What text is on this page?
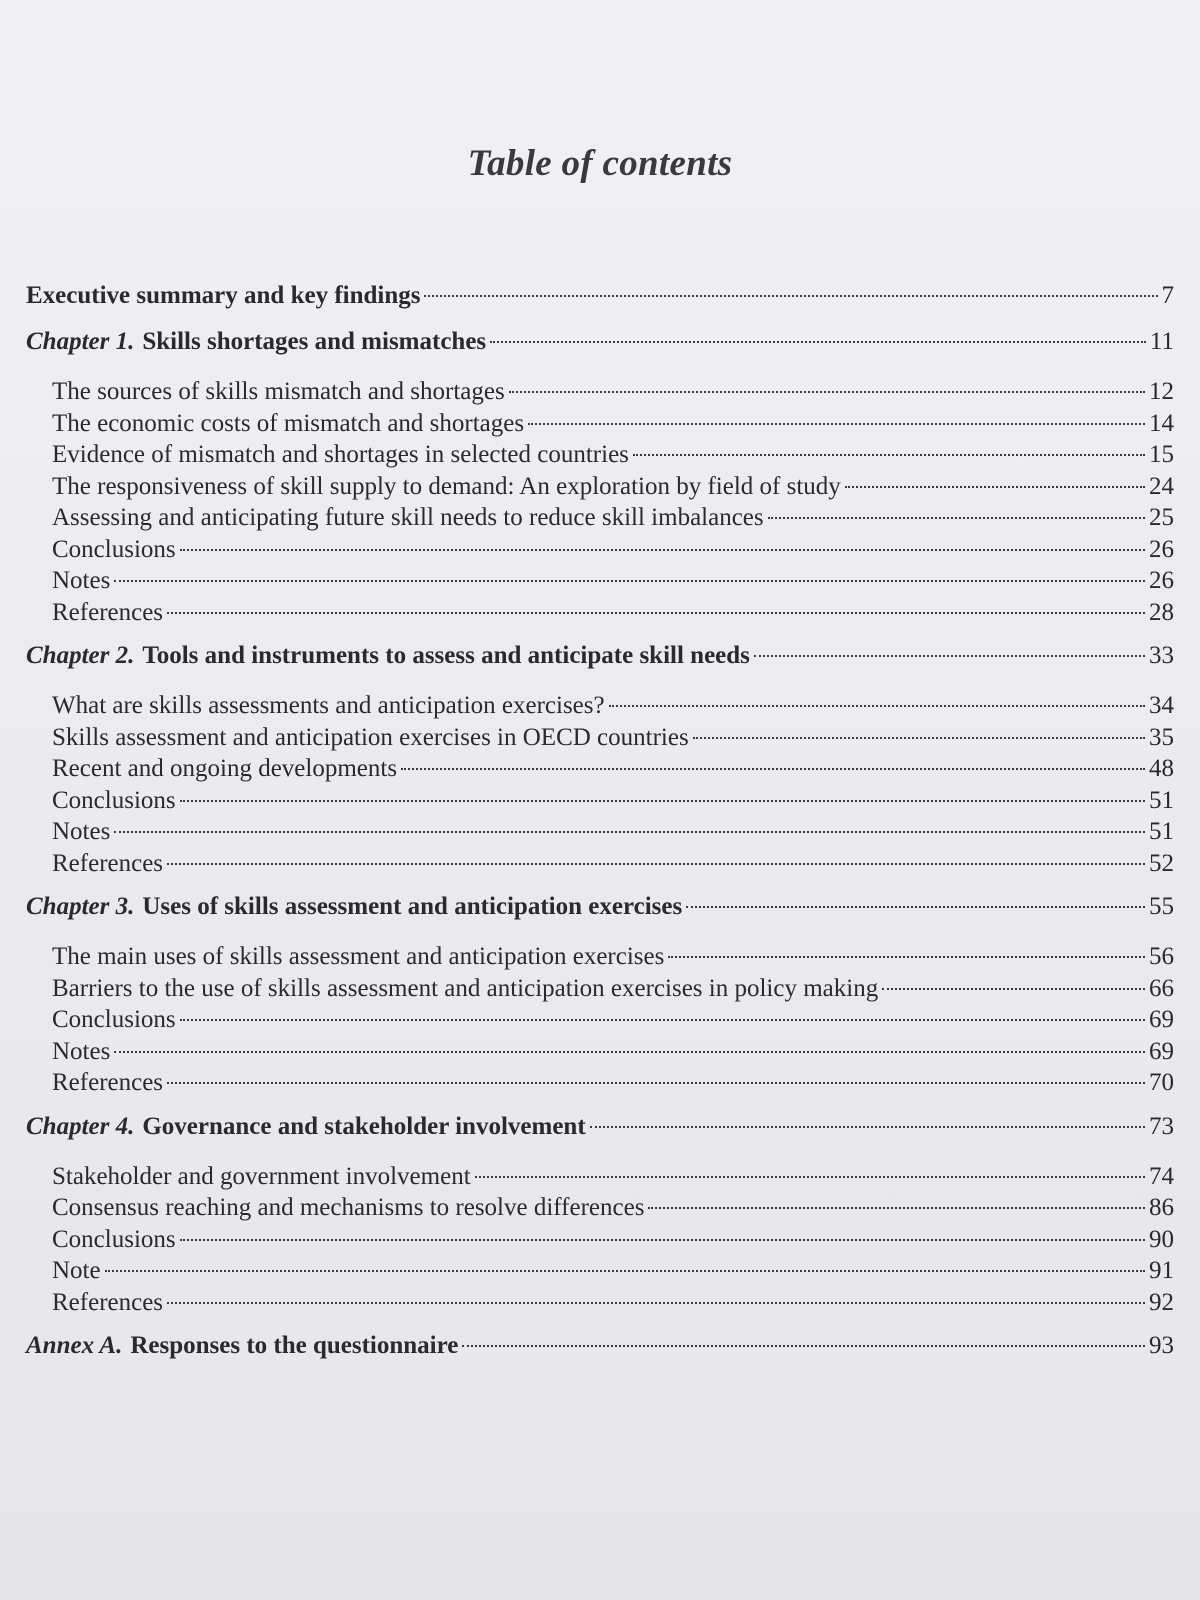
Table of contents
Executive summary and key findings	7
Chapter 1. Skills shortages and mismatches	11
The sources of skills mismatch and shortages	12
The economic costs of mismatch and shortages	14
Evidence of mismatch and shortages in selected countries	15
The responsiveness of skill supply to demand: An exploration by field of study	24
Assessing and anticipating future skill needs to reduce skill imbalances	25
Conclusions	26
Notes	26
References	28
Chapter 2. Tools and instruments to assess and anticipate skill needs	33
What are skills assessments and anticipation exercises?	34
Skills assessment and anticipation exercises in OECD countries	35
Recent and ongoing developments	48
Conclusions	51
Notes	51
References	52
Chapter 3. Uses of skills assessment and anticipation exercises	55
The main uses of skills assessment and anticipation exercises	56
Barriers to the use of skills assessment and anticipation exercises in policy making	66
Conclusions	69
Notes	69
References	70
Chapter 4. Governance and stakeholder involvement	73
Stakeholder and government involvement	74
Consensus reaching and mechanisms to resolve differences	86
Conclusions	90
Note	91
References	92
Annex A. Responses to the questionnaire	93
